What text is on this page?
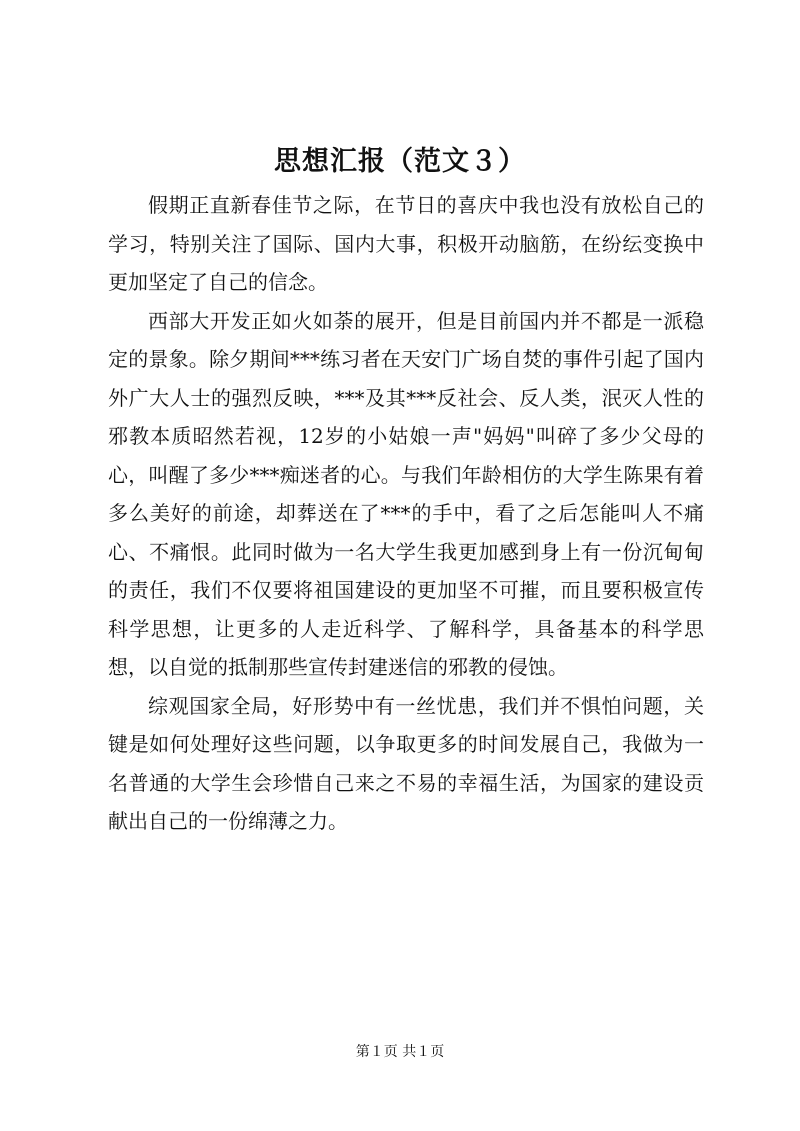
思想汇报（范文３）

假期正直新春佳节之际，在节日的喜庆中我也没有放松自己的学习，特别关注了国际、国内大事，积极开动脑筋，在纷纭变换中更加坚定了自己的信念。

西部大开发正如火如荼的展开，但是目前国内并不都是一派稳定的景象。除夕期间***练习者在天安门广场自焚的事件引起了国内外广大人士的强烈反映，***及其***反社会、反人类，泯灭人性的邪教本质昭然若视，12岁的小姑娘一声"妈妈"叫碎了多少父母的心，叫醒了多少***痴迷者的心。与我们年龄相仿的大学生陈果有着多么美好的前途，却葬送在了***的手中，看了之后怎能叫人不痛心、不痛恨。此同时做为一名大学生我更加感到身上有一份沉甸甸的责任，我们不仅要将祖国建设的更加坚不可摧，而且要积极宣传科学思想，让更多的人走近科学、了解科学，具备基本的科学思想，以自觉的抵制那些宣传封建迷信的邪教的侵蚀。

综观国家全局，好形势中有一丝忧患，我们并不惧怕问题，关键是如何处理好这些问题，以争取更多的时间发展自己，我做为一名普通的大学生会珍惜自己来之不易的幸福生活，为国家的建设贡献出自己的一份绵薄之力。

第１页 共１页
